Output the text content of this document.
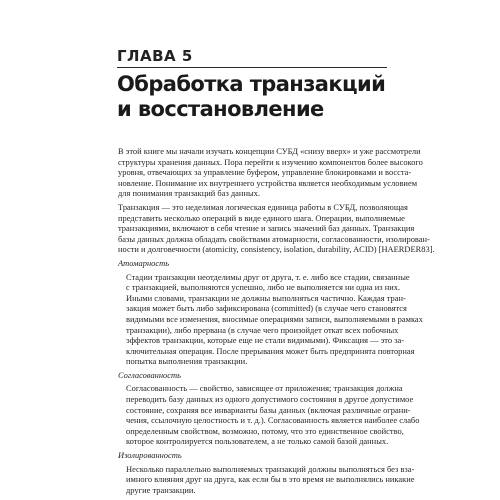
ГЛАВА 5
Обработка транзакций
и восстановление
В этой книге мы начали изучать концепции СУБД «снизу вверх» и уже рассмотрели
структуры хранения данных. Пора перейти к изучению компонентов более высокого
уровня, отвечающих за управление буфером, управление блокировками и восста-
новление. Понимание их внутреннего устройства является необходимым условием
для понимания транзакций баз данных.
Транзакция — это неделимая логическая единица работы в СУБД, позволяющая
представить несколько операций в виде единого шага. Операции, выполняемые
транзакциями, включают в себя чтение и запись значений баз данных. Транзакция
базы данных должна обладать свойствами атомарности, согласованности, изолирован-
ности и долговечности (atomicity, consistency, isolation, durability, ACID) [HAERDER83].
Атомарность
Стадии транзакции неотделимы друг от друга, т. е. либо все стадии, связанные
с транзакцией, выполняются успешно, либо не выполняется ни одна из них.
Иными словами, транзакции не должны выполняться частично. Каждая тран-
закция может быть либо зафиксирована (committed) (в случае чего становятся
видимыми все изменения, вносимые операциями записи, выполняемыми в рамках
транзакции), либо прервана (в случае чего произойдет откат всех побочных
эффектов транзакции, которые еще не стали видимыми). Фиксация — это за-
ключительная операция. После прерывания может быть предпринята повторная
попытка выполнения транзакции.
Согласованность
Согласованность — свойство, зависящее от приложения; транзакция должна
переводить базу данных из одного допустимого состояния в другое допустимое
состояние, сохраняя все инварианты базы данных (включая различные ограни-
чения, ссылочную целостность и т. д.). Согласованность является наиболее слабо
определенным свойством, возможно, потому, что это единственное свойство,
которое контролируется пользователем, а не только самой базой данных.
Изолированность
Несколько параллельно выполняемых транзакций должны выполняться без вза-
имного влияния друг на друга, как если бы в это время не выполнялись никакие
другие транзакции.
